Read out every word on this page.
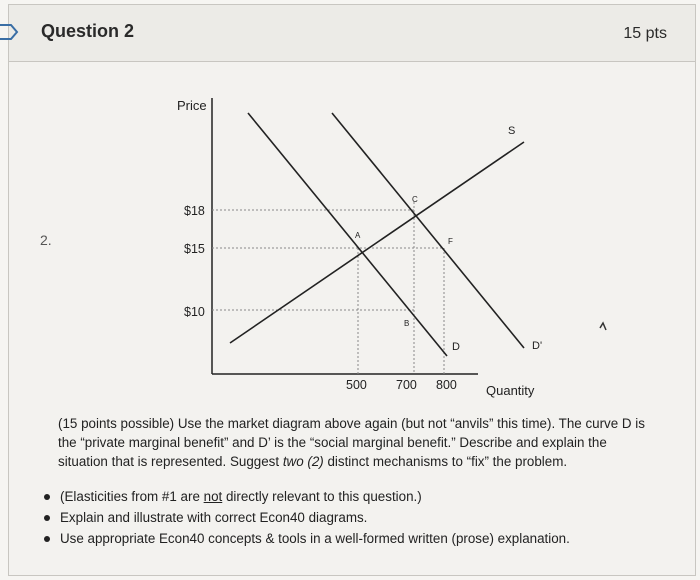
Question 2	15 pts
2.
Price
Quantity
$18
$15
$10
500 700 800
S
D	D'
A
B
C
F
(15 points possible) Use the market diagram above again (but not “anvils” this time). The curve D is the “private marginal benefit” and D’ is the “social marginal benefit.” Describe and explain the situation that is represented. Suggest two (2) distinct mechanisms to “fix” the problem.
(Elasticities from #1 are not directly relevant to this question.)
Explain and illustrate with correct Econ40 diagrams.
Use appropriate Econ40 concepts & tools in a well-formed written (prose) explanation.
